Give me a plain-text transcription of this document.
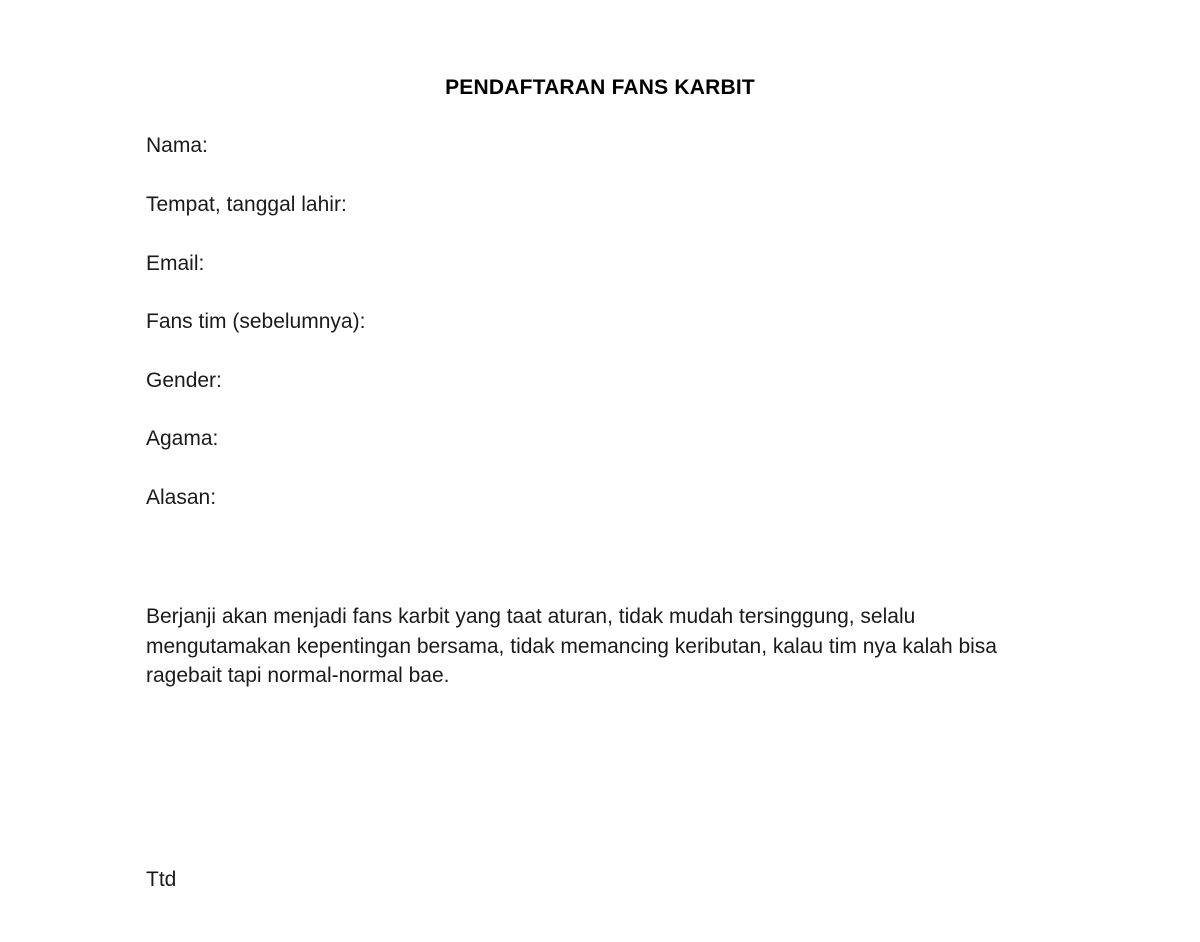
PENDAFTARAN FANS KARBIT
Nama:
Tempat, tanggal lahir:
Email:
Fans tim (sebelumnya):
Gender:
Agama:
Alasan:
Berjanji akan menjadi fans karbit yang taat aturan, tidak mudah tersinggung, selalu
mengutamakan kepentingan bersama, tidak memancing keributan, kalau tim nya kalah bisa
ragebait tapi normal-normal bae.
Ttd
